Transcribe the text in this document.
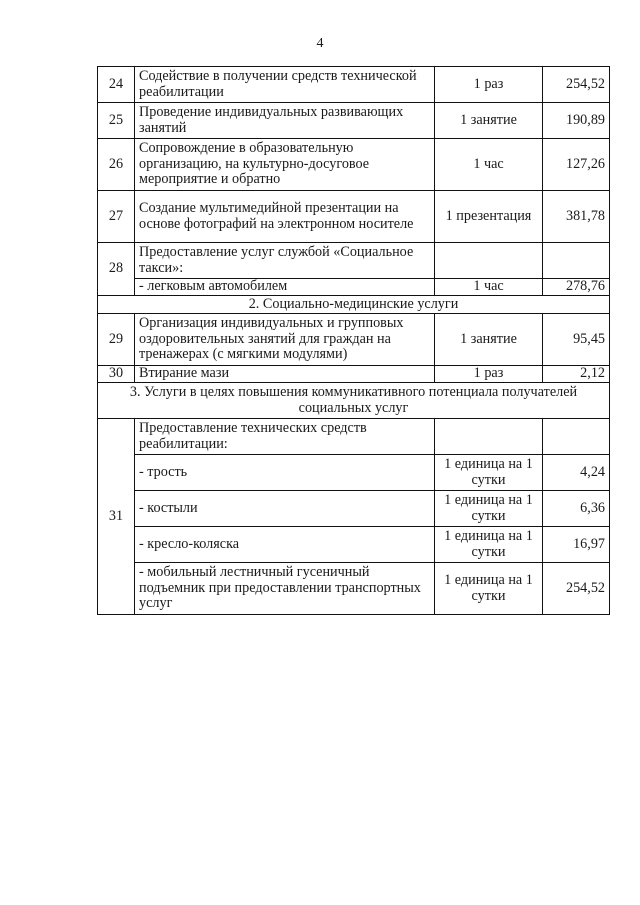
4
24	Содействие в получении средств технической реабилитации	1 раз	254,52
25	Проведение индивидуальных развивающих занятий	1 занятие	190,89
26	Сопровождение в образовательную организацию, на культурно-досуговое мероприятие и обратно	1 час	127,26
27	Создание мультимедийной презентации на основе фотографий на электронном носителе	1 презентация	381,78
28	Предоставление услуг службой «Социальное такси»:		
	- легковым автомобилем	1 час	278,76
2. Социально-медицинские услуги			
29	Организация индивидуальных и групповых оздоровительных занятий для граждан на тренажерах (с мягкими модулями)	1 занятие	95,45
30	Втирание мази	1 раз	2,12
3. Услуги в целях повышения коммуникативного потенциала получателей социальных услуг			
31	Предоставление технических средств реабилитации:		
	- трость	1 единица на 1 сутки	4,24
	- костыли	1 единица на 1 сутки	6,36
	- кресло-коляска	1 единица на 1 сутки	16,97
	- мобильный лестничный гусеничный подъемник при предоставлении транспортных услуг	1 единица на 1 сутки	254,52
